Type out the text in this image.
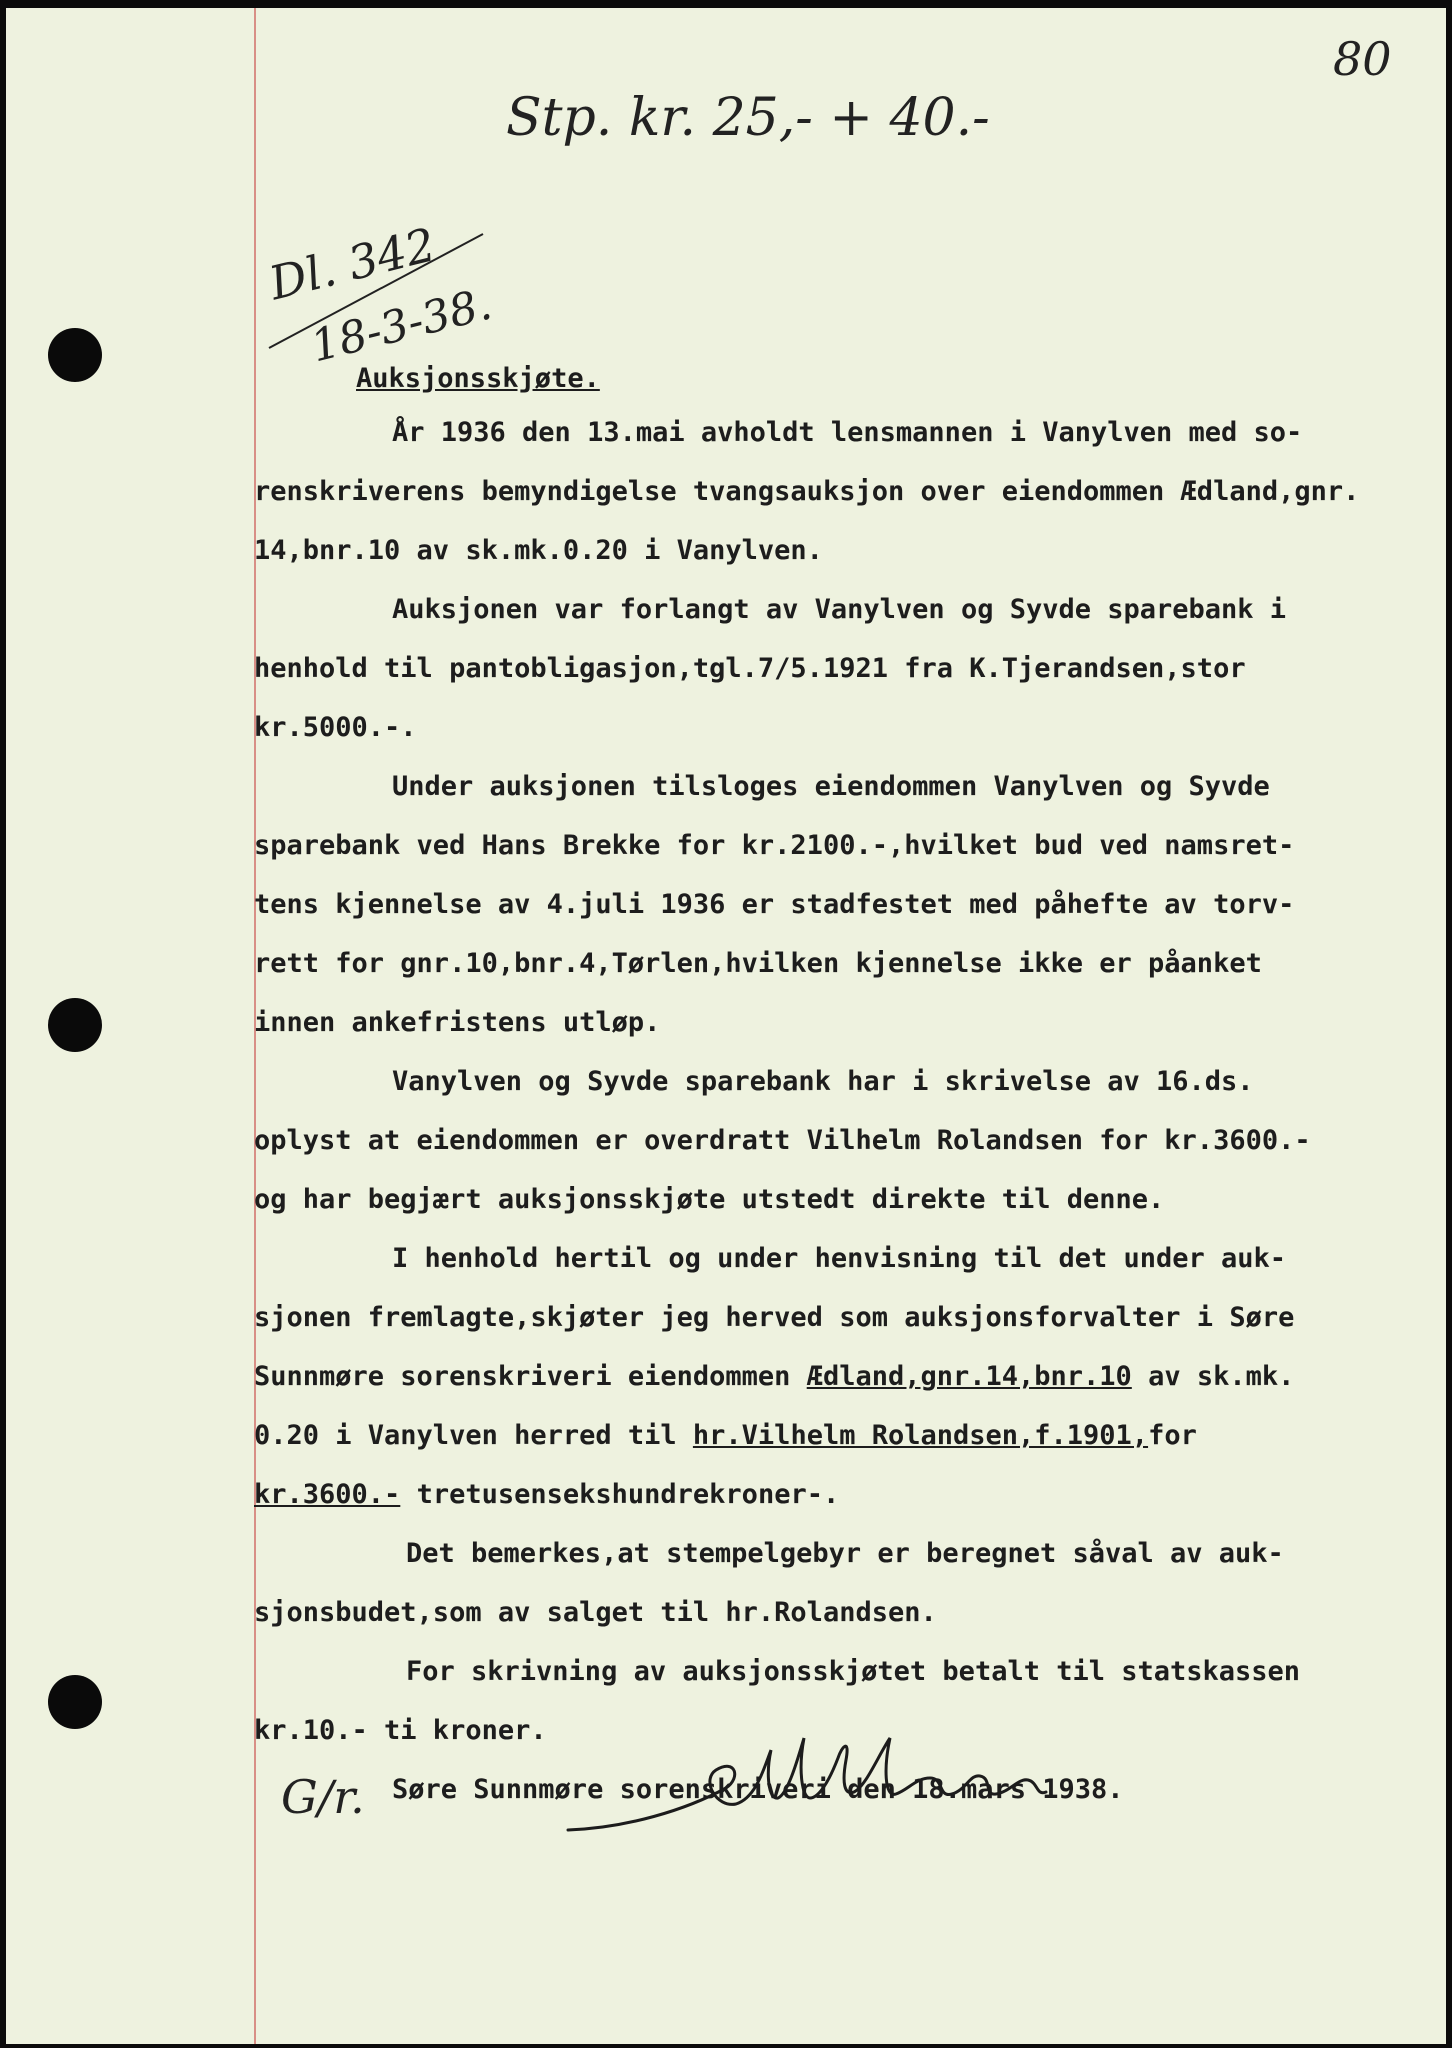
80
Stp. kr. 25,- + 40.-
Dl. 342
18-3-38.
Auksjonsskjøte.
År 1936 den 13.mai avholdt lensmannen i Vanylven med so-
renskriverens bemyndigelse tvangsauksjon over eiendommen Ædland,gnr.
14,bnr.10 av sk.mk.0.20 i Vanylven.
Auksjonen var forlangt av Vanylven og Syvde sparebank i
henhold til pantobligasjon,tgl.7/5.1921 fra K.Tjerandsen,stor
kr.5000.-.
Under auksjonen tilsloges eiendommen Vanylven og Syvde
sparebank ved Hans Brekke for kr.2100.-,hvilket bud ved namsret-
tens kjennelse av 4.juli 1936 er stadfestet med påhefte av torv-
rett for gnr.10,bnr.4,Tørlen,hvilken kjennelse ikke er påanket
innen ankefristens utløp.
Vanylven og Syvde sparebank har i skrivelse av 16.ds.
oplyst at eiendommen er overdratt Vilhelm Rolandsen for kr.3600.-
og har begjært auksjonsskjøte utstedt direkte til denne.
I henhold hertil og under henvisning til det under auk-
sjonen fremlagte,skjøter jeg herved som auksjonsforvalter i Søre
Sunnmøre sorenskriveri eiendommen Ædland,gnr.14,bnr.10 av sk.mk.
0.20 i Vanylven herred til hr.Vilhelm Rolandsen,f.1901,for
kr.3600.- tretusensekshundrekroner-.
Det bemerkes,at stempelgebyr er beregnet såval av auk-
sjonsbudet,som av salget til hr.Rolandsen.
For skrivning av auksjonsskjøtet betalt til statskassen
kr.10.- ti kroner.
Søre Sunnmøre sorenskriveri den 18.mars 1938.
G/r.
